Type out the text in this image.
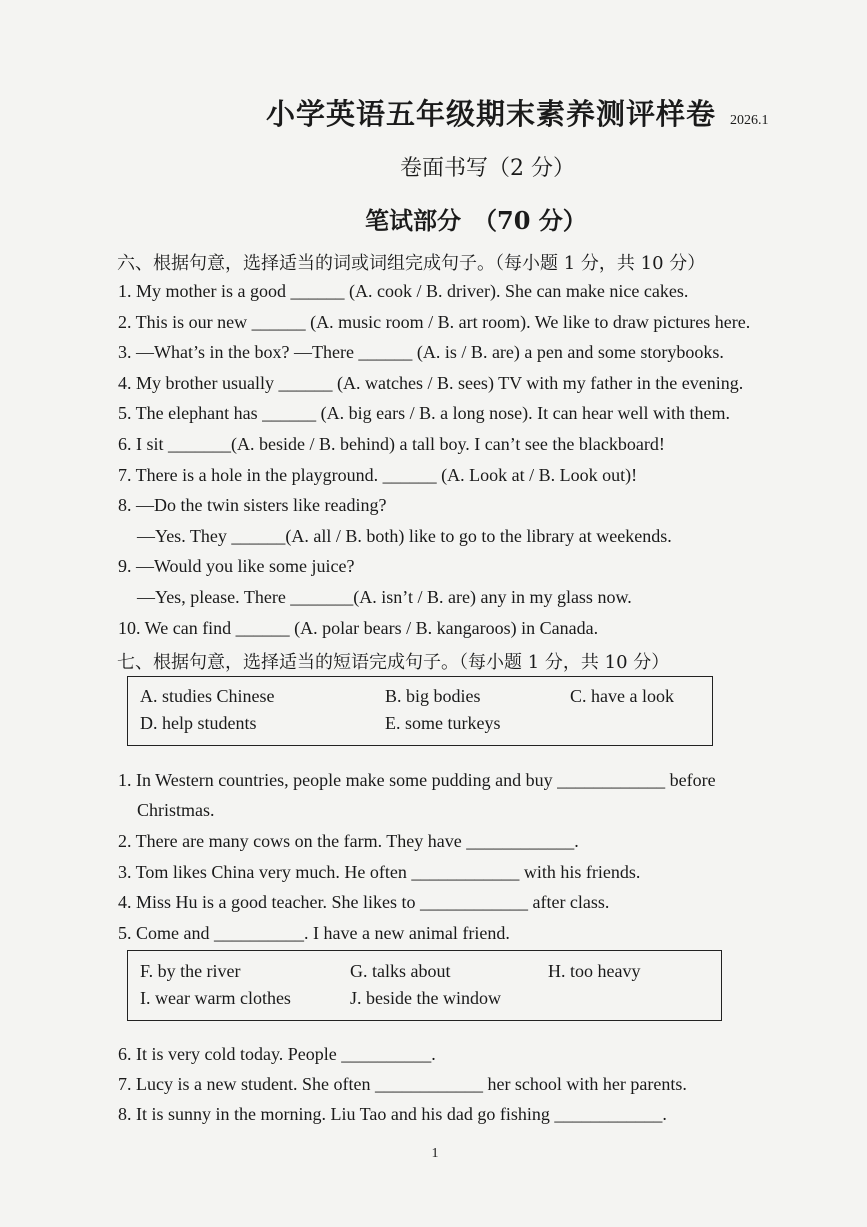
小学英语五年级期末素养测评样卷 2026.1
卷面书写（2 分）
笔试部分　（70 分）
六、根据句意，选择适当的词或词组完成句子。（每小题 1 分，共 10 分）
1. My mother is a good ______ (A. cook / B. driver). She can make nice cakes.
2. This is our new ______ (A. music room / B. art room). We like to draw pictures here.
3. —What’s in the box? —There ______ (A. is / B. are) a pen and some storybooks.
4. My brother usually ______ (A. watches / B. sees) TV with my father in the evening.
5. The elephant has ______ (A. big ears / B. a long nose). It can hear well with them.
6. I sit _______(A. beside / B. behind) a tall boy. I can’t see the blackboard!
7. There is a hole in the playground. ______ (A. Look at / B. Look out)!
8. —Do the twin sisters like reading?
—Yes. They ______(A. all / B. both) like to go to the library at weekends.
9. —Would you like some juice?
—Yes, please. There _______(A. isn’t / B. are) any in my glass now.
10. We can find ______ (A. polar bears / B. kangaroos) in Canada.
七、根据句意，选择适当的短语完成句子。（每小题 1 分，共 10 分）
A. studies Chinese	B. big bodies	C. have a look
D. help students	E. some turkeys
1. In Western countries, people make some pudding and buy ____________ before
Christmas.
2. There are many cows on the farm. They have ____________.
3. Tom likes China very much. He often ____________ with his friends.
4. Miss Hu is a good teacher. She likes to ____________ after class.
5. Come and __________. I have a new animal friend.
F. by the river	G. talks about	H. too heavy
I. wear warm clothes	J. beside the window
6. It is very cold today. People __________.
7. Lucy is a new student. She often ____________ her school with her parents.
8. It is sunny in the morning. Liu Tao and his dad go fishing ____________.
1
